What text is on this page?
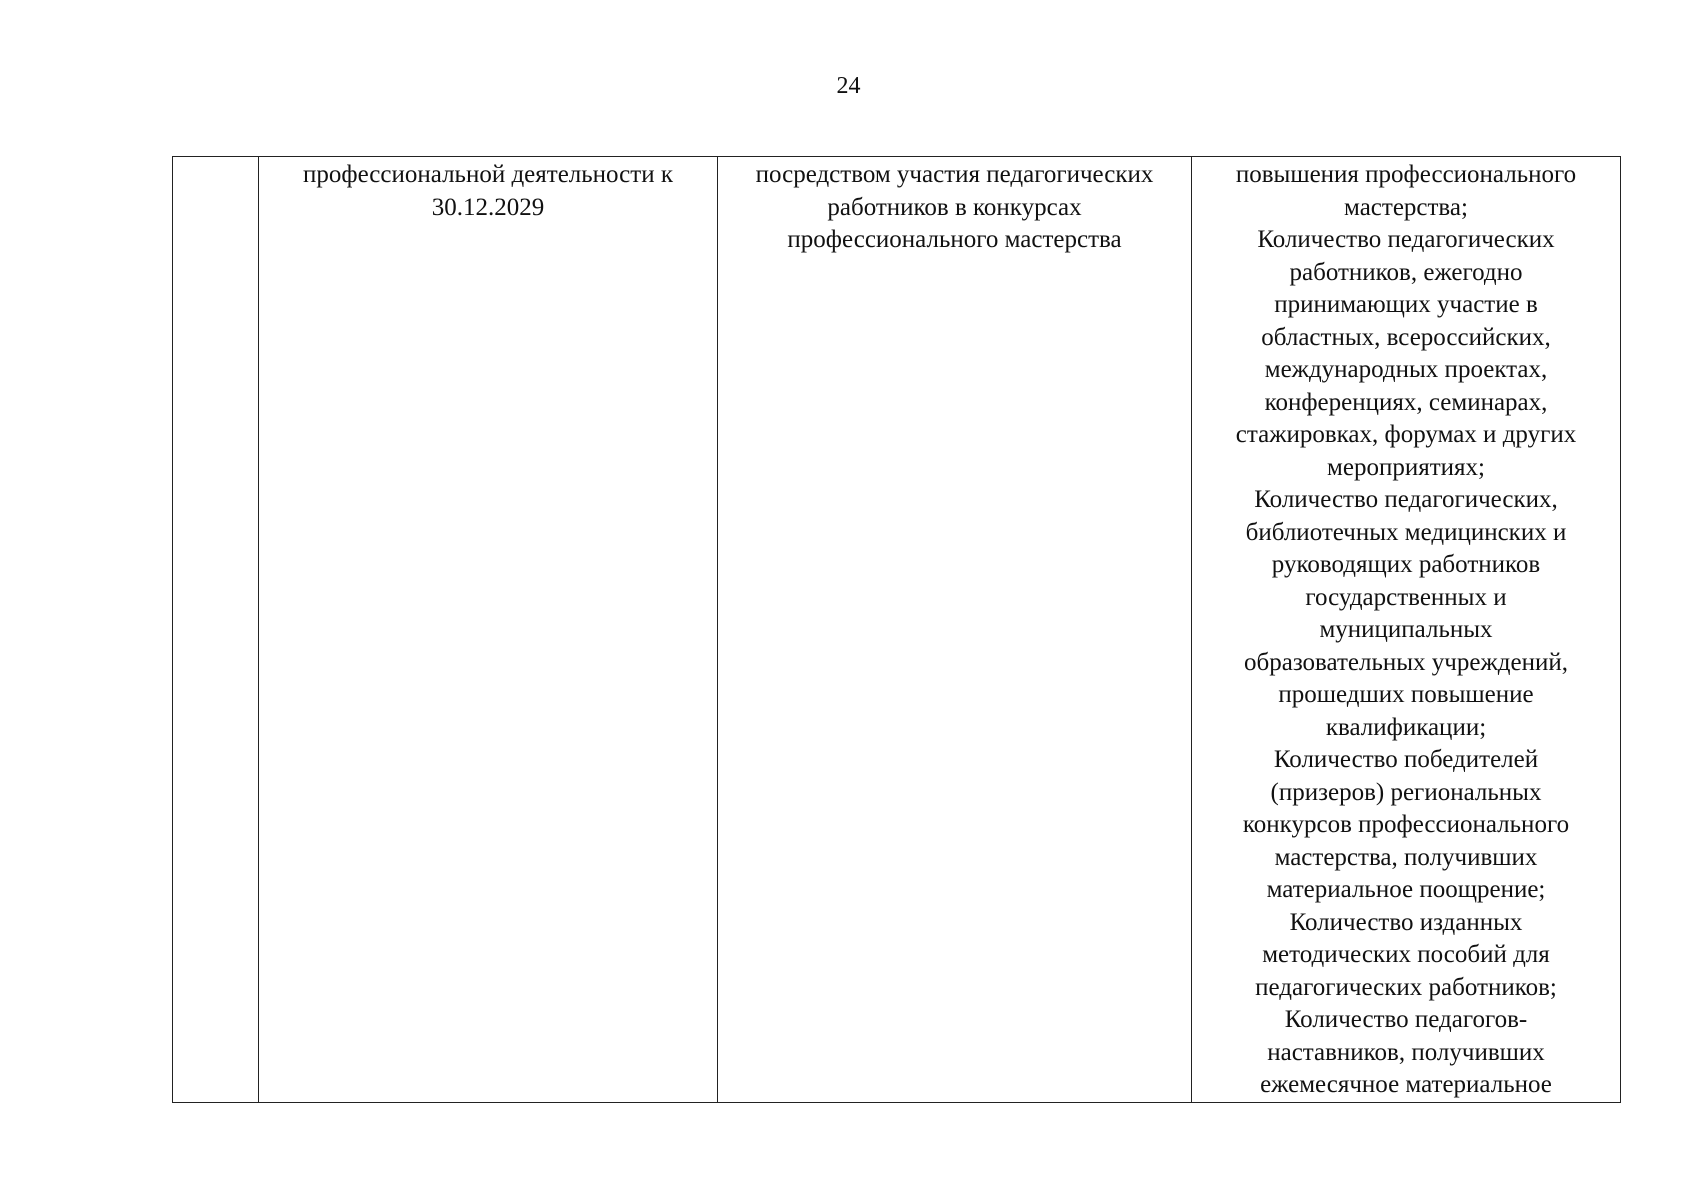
24

профессиональной деятельности к
30.12.2029

посредством участия педагогических
работников в конкурсах
профессионального мастерства

повышения профессионального
мастерства;
Количество педагогических
работников, ежегодно
принимающих участие в
областных, всероссийских,
международных проектах,
конференциях, семинарах,
стажировках, форумах и других
мероприятиях;
Количество педагогических,
библиотечных медицинских и
руководящих работников
государственных и
муниципальных
образовательных учреждений,
прошедших повышение
квалификации;
Количество победителей
(призеров) региональных
конкурсов профессионального
мастерства, получивших
материальное поощрение;
Количество изданных
методических пособий для
педагогических работников;
Количество педагогов-
наставников, получивших
ежемесячное материальное
